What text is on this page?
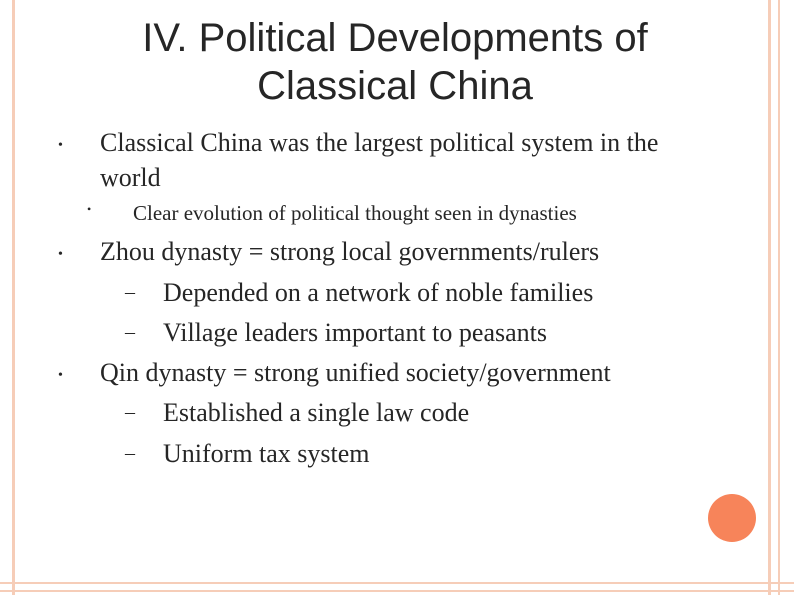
IV. Political Developments of
Classical China
• Classical China was the largest political system in the world
• Clear evolution of political thought seen in dynasties
• Zhou dynasty = strong local governments/rulers
– Depended on a network of noble families
– Village leaders important to peasants
• Qin dynasty = strong unified society/government
– Established a single law code
– Uniform tax system
